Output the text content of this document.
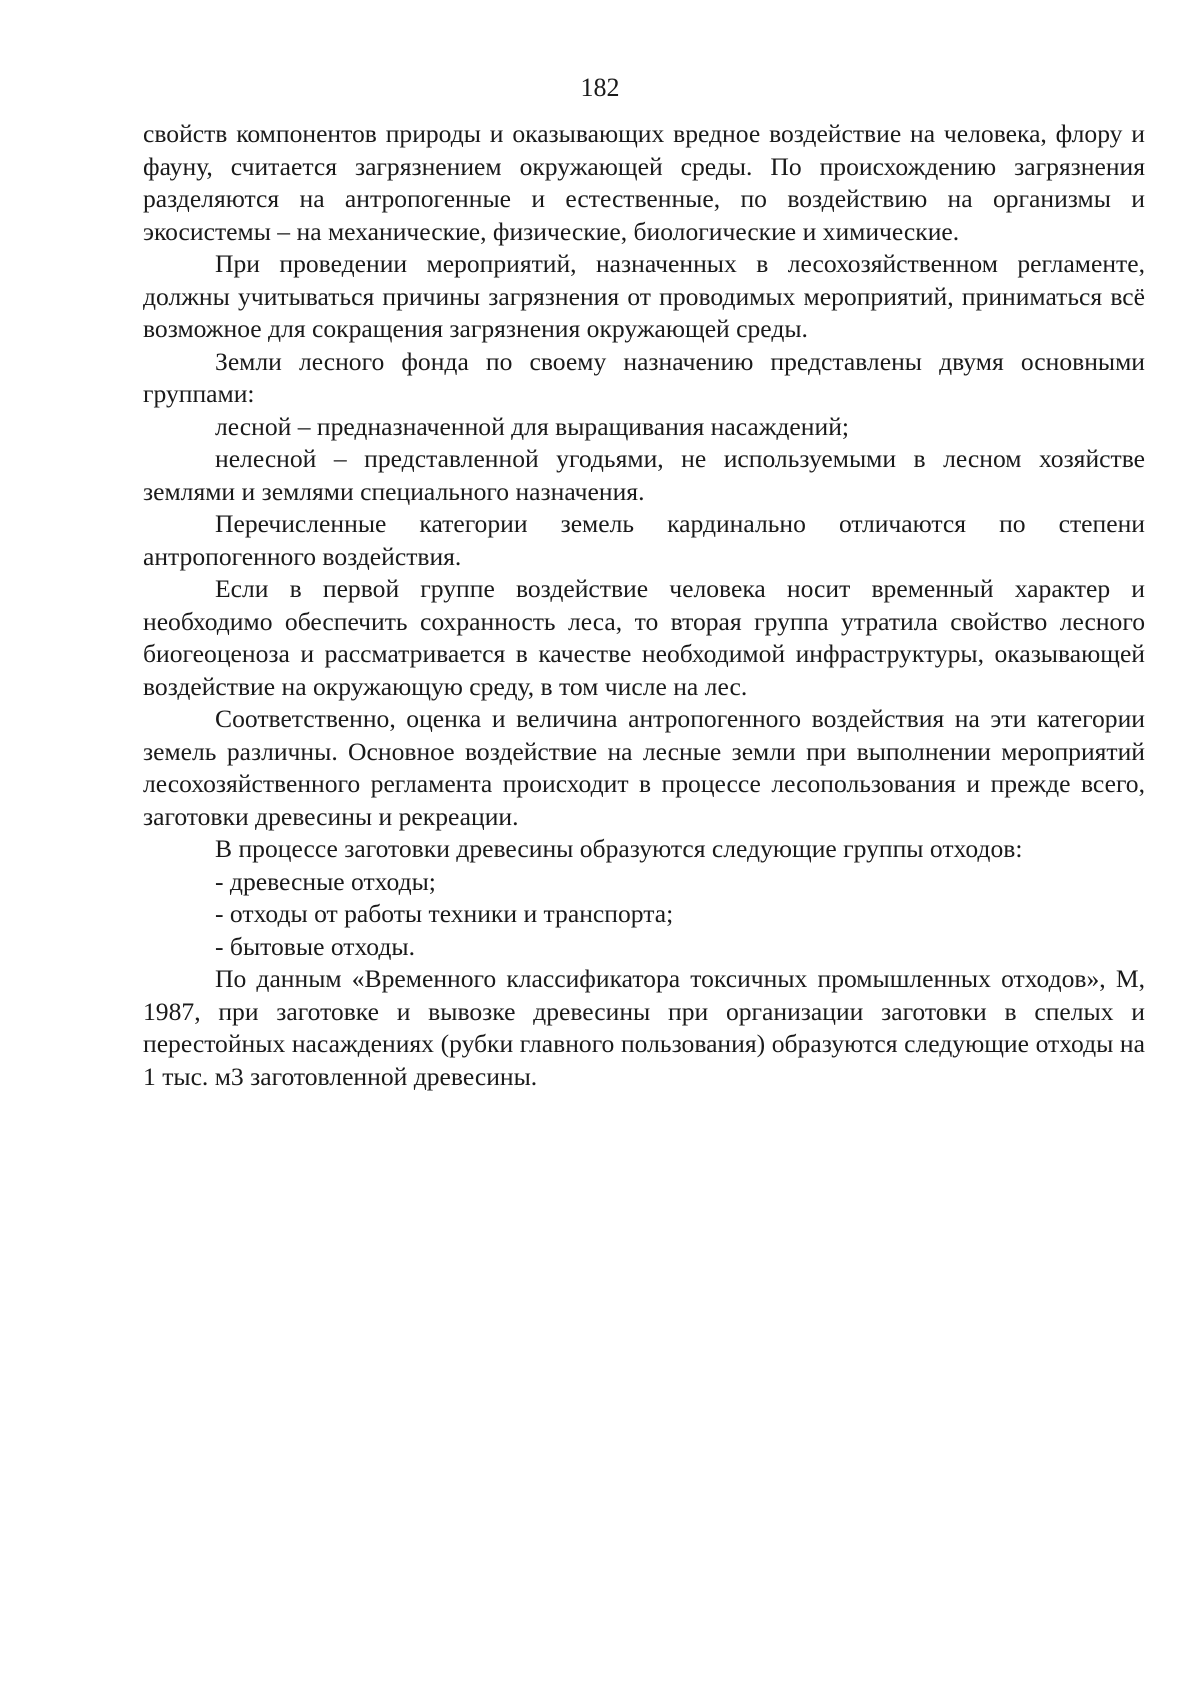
182

свойств компонентов природы и оказывающих вредное воздействие на человека, флору и фауну, считается загрязнением окружающей среды. По происхождению загрязнения разделяются на антропогенные и естественные, по воздействию на организмы и экосистемы – на механические, физические, биологические и химические.

При проведении мероприятий, назначенных в лесохозяйственном регламенте, должны учитываться причины загрязнения от проводимых мероприятий, приниматься всё возможное для сокращения загрязнения окружающей среды.

Земли лесного фонда по своему назначению представлены двумя основными группами:

лесной – предназначенной для выращивания насаждений;

нелесной – представленной угодьями, не используемыми в лесном хозяйстве землями и землями специального назначения.

Перечисленные категории земель кардинально отличаются по степени антропогенного воздействия.

Если в первой группе воздействие человека носит временный характер и необходимо обеспечить сохранность леса, то вторая группа утратила свойство лесного биогеоценоза и рассматривается в качестве необходимой инфраструктуры, оказывающей воздействие на окружающую среду, в том числе на лес.

Соответственно, оценка и величина антропогенного воздействия на эти категории земель различны. Основное воздействие на лесные земли при выполнении мероприятий лесохозяйственного регламента происходит в процессе лесопользования и прежде всего, заготовки древесины и рекреации.

В процессе заготовки древесины образуются следующие группы отходов:

- древесные отходы;

- отходы от работы техники и транспорта;

- бытовые отходы.

По данным «Временного классификатора токсичных промышленных отходов», М, 1987, при заготовке и вывозке древесины при организации заготовки в спелых и перестойных насаждениях (рубки главного пользования) образуются следующие отходы на 1 тыс. м3 заготовленной древесины.
